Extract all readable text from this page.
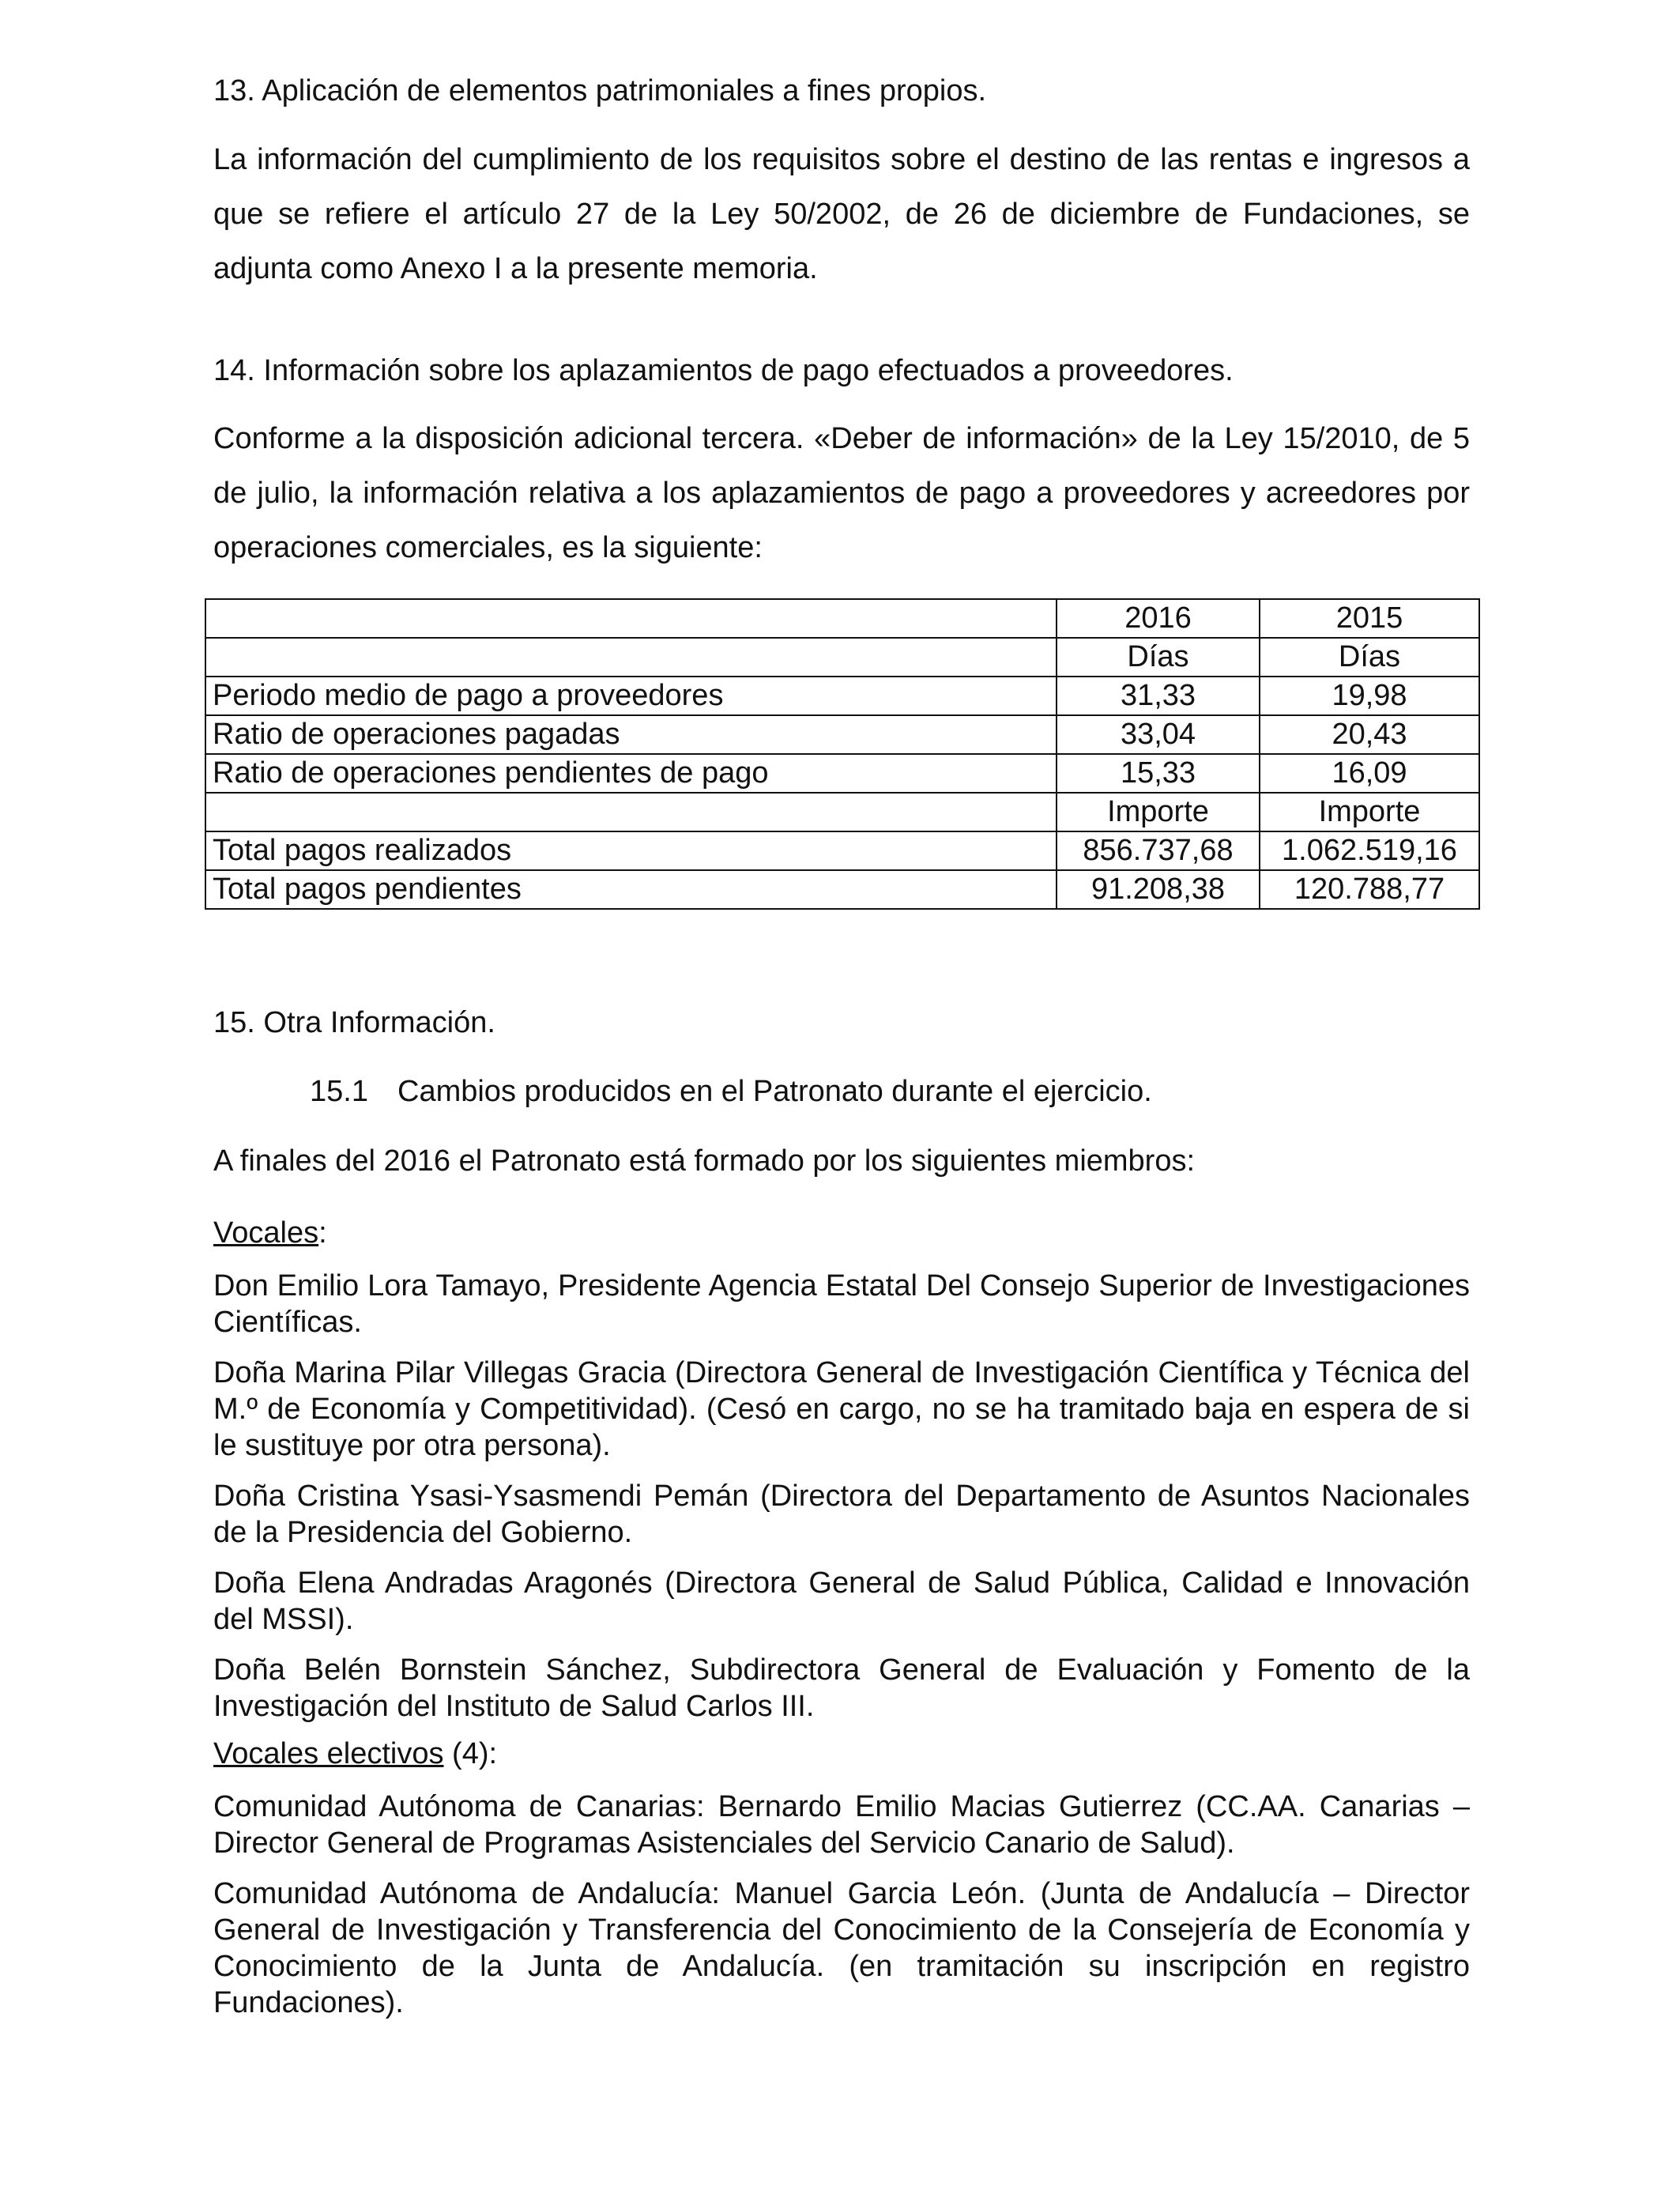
13. Aplicación de elementos patrimoniales a fines propios.
La información del cumplimiento de los requisitos sobre el destino de las rentas e ingresos a que se refiere el artículo 27 de la Ley 50/2002, de 26 de diciembre de Fundaciones, se adjunta como Anexo I a la presente memoria.
14. Información sobre los aplazamientos de pago efectuados a proveedores.
Conforme a la disposición adicional tercera. «Deber de información» de la Ley 15/2010, de 5 de julio, la información relativa a los aplazamientos de pago a proveedores y acreedores por operaciones comerciales, es la siguiente:
	2016	2015
	Días	Días
Periodo medio de pago a proveedores	31,33	19,98
Ratio de operaciones pagadas	33,04	20,43
Ratio de operaciones pendientes de pago	15,33	16,09
	Importe	Importe
Total pagos realizados	856.737,68	1.062.519,16
Total pagos pendientes	91.208,38	120.788,77
15. Otra Información.
15.1 Cambios producidos en el Patronato durante el ejercicio.
A finales del 2016 el Patronato está formado por los siguientes miembros:
Vocales:
Don Emilio Lora Tamayo, Presidente Agencia Estatal Del Consejo Superior de Investigaciones Científicas.
Doña Marina Pilar Villegas Gracia (Directora General de Investigación Científica y Técnica del M.º de Economía y Competitividad). (Cesó en cargo, no se ha tramitado baja en espera de si le sustituye por otra persona).
Doña Cristina Ysasi-Ysasmendi Pemán (Directora del Departamento de Asuntos Nacionales de la Presidencia del Gobierno.
Doña Elena Andradas Aragonés (Directora General de Salud Pública, Calidad e Innovación del MSSI).
Doña Belén Bornstein Sánchez, Subdirectora General de Evaluación y Fomento de la Investigación del Instituto de Salud Carlos III.
Vocales electivos (4):
Comunidad Autónoma de Canarias: Bernardo Emilio Macias Gutierrez (CC.AA. Canarias – Director General de Programas Asistenciales del Servicio Canario de Salud).
Comunidad Autónoma de Andalucía: Manuel Garcia León. (Junta de Andalucía – Director General de Investigación y Transferencia del Conocimiento de la Consejería de Economía y Conocimiento de la Junta de Andalucía. (en tramitación su inscripción en registro Fundaciones).
